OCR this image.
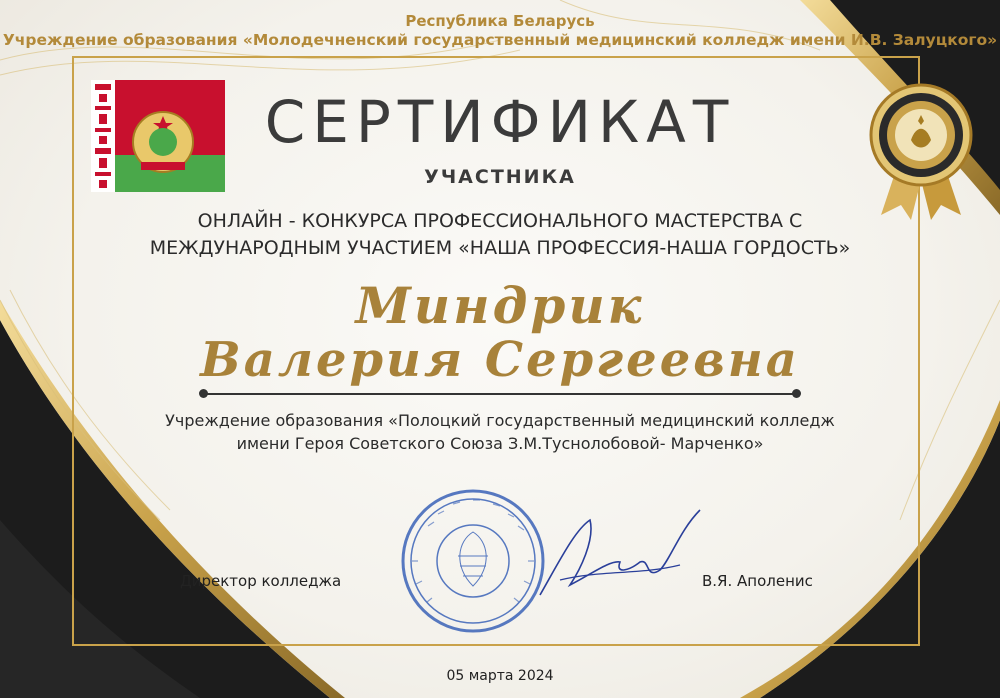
Республика Беларусь
Учреждение образования «Молодечненский государственный медицинский колледж имени И.В. Залуцкого»
СЕРТИФИКАТ
УЧАСТНИКА
ОНЛАЙН - КОНКУРСА ПРОФЕССИОНАЛЬНОГО МАСТЕРСТВА С
МЕЖДУНАРОДНЫМ УЧАСТИЕМ «НАША ПРОФЕССИЯ-НАША ГОРДОСТЬ»
Миндрик
Валерия Сергеевна
Учреждение образования «Полоцкий государственный медицинский колледж
имени Героя Советского Союза З.М.Туснолобовой- Марченко»
Директор колледжа	В.Я. Аполенис
05 марта 2024
